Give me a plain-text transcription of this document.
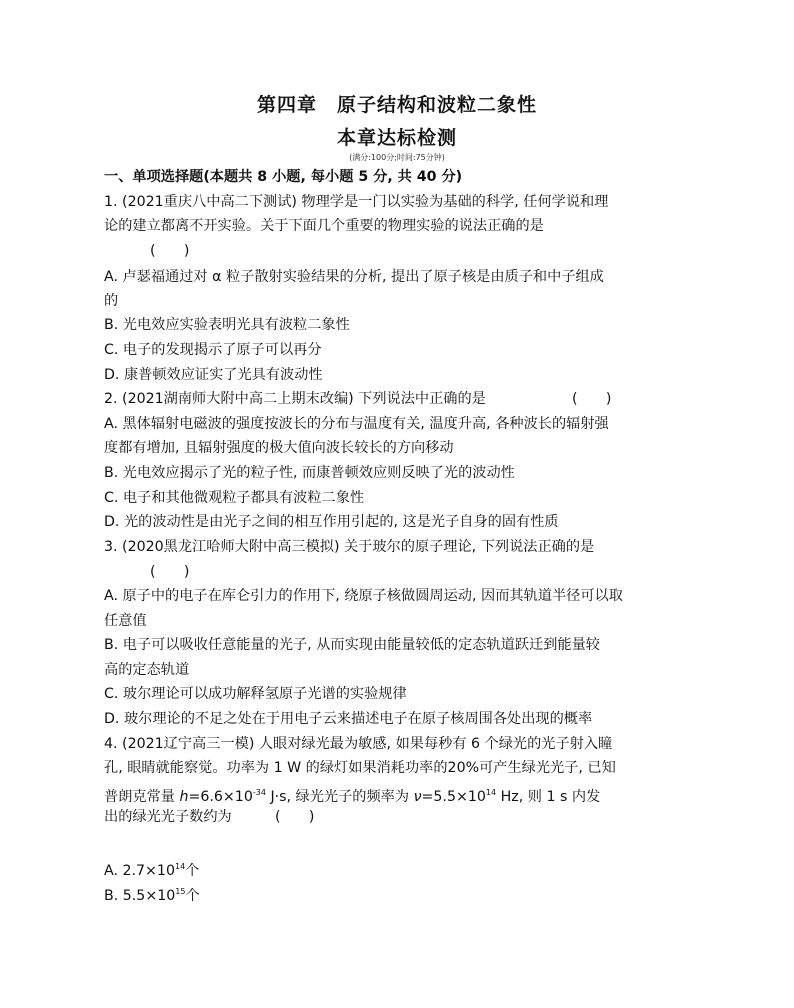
第四章　原子结构和波粒二象性
本章达标检测
(满分:100分;时间:75分钟)
一、单项选择题(本题共 8 小题, 每小题 5 分, 共 40 分)
1. (2021重庆八中高二下测试) 物理学是一门以实验为基础的科学, 任何学说和理
论的建立都离不开实验。关于下面几个重要的物理实验的说法正确的是
(　　)
A. 卢瑟福通过对 α 粒子散射实验结果的分析, 提出了原子核是由质子和中子组成
的
B. 光电效应实验表明光具有波粒二象性
C. 电子的发现揭示了原子可以再分
D. 康普顿效应证实了光具有波动性
2. (2021湖南师大附中高二上期末改编) 下列说法中正确的是	(　　)
A. 黑体辐射电磁波的强度按波长的分布与温度有关, 温度升高, 各种波长的辐射强
度都有增加, 且辐射强度的极大值向波长较长的方向移动
B. 光电效应揭示了光的粒子性, 而康普顿效应则反映了光的波动性
C. 电子和其他微观粒子都具有波粒二象性
D. 光的波动性是由光子之间的相互作用引起的, 这是光子自身的固有性质
3. (2020黑龙江哈师大附中高三模拟) 关于玻尔的原子理论, 下列说法正确的是
(　　)
A. 原子中的电子在库仑引力的作用下, 绕原子核做圆周运动, 因而其轨道半径可以取
任意值
B. 电子可以吸收任意能量的光子, 从而实现由能量较低的定态轨道跃迁到能量较
高的定态轨道
C. 玻尔理论可以成功解释氢原子光谱的实验规律
D. 玻尔理论的不足之处在于用电子云来描述电子在原子核周围各处出现的概率
4. (2021辽宁高三一模) 人眼对绿光最为敏感, 如果每秒有 6 个绿光的光子射入瞳
孔, 眼睛就能察觉。功率为 1 W 的绿灯如果消耗功率的20%可产生绿光光子, 已知
普朗克常量 $h=6.6\times 10^{-34}$ J·s, 绿光光子的频率为 $\nu=5.5\times 10^{14}$ Hz, 则 1 s 内发
出的绿光光子数约为	(　　)
A. $2.7\times 10^{14}$个
B. $5.5\times 10^{15}$个
